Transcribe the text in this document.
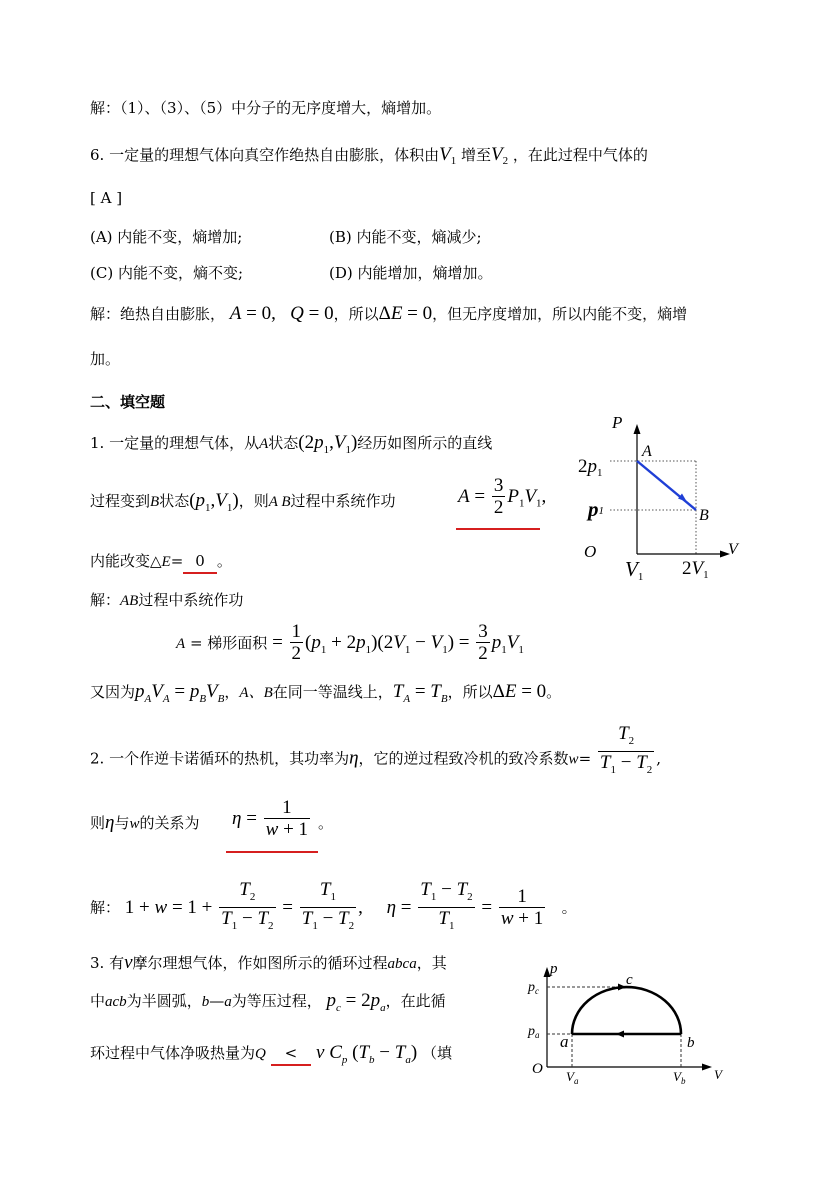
解：（1）、（3）、（5）中分子的无序度增大，熵增加。
6. 一定量的理想气体向真空作绝热自由膨胀，体积由$V_1$ 增至$V_2$ ，在此过程中气体的
[ A ]
(A) 内能不变，熵增加;	(B) 内能不变，熵减少;
(C) 内能不变，熵不变;	(D) 内能增加，熵增加。
解：绝热自由膨胀， A = 0,   Q = 0，所以ΔE = 0，但无序度增加，所以内能不变，熵增
加。
二、填空题
1. 一定量的理想气体，从A状态$(2p_1,V_1)$经历如图所示的直线
过程变到B状态$(p_1,V_1)$，则A B过程中系统作功	$A = \frac{3}{2} P_1V_1$,
内能改变△E= 0 。
解：AB过程中系统作功
A = 梯形面积 = $\frac{1}{2} (p_1 + 2p_1)(2V_1 - V_1) = \frac{3}{2} p_1V_1$
又因为$p_AV_A = p_BV_B$，A、B在同一等温线上，$T_A = T_B$，所以ΔE = 0。
P
A
B
O	V
$2p_1$
p1
V1 $2V_1$
2. 一个作逆卡诺循环的热机，其功率为η，它的逆过程致冷机的致冷系数$w= \frac{T_2}{T_1 - T_2}$ ,
则η与w的关系为 $\eta = \frac{1}{w + 1}$ 。
解： $1 + w = 1 + \frac{T_2}{T_1 - T_2} = \frac{T_1}{T_1 - T_2}$ ,     $\eta = \frac{T_1 - T_2}{T_1} = \frac{1}{w + 1}$ 。
3. 有ν摩尔理想气体，作如图所示的循环过程abca，其
中acb为半圆弧，b—a为等压过程， $p_c = 2p_a$，在此循
环过程中气体净吸热量为Q < ν $C_p$ $(T_b - T_a)$ （填
p
$p_c$
$p_a$
c
a	b
O $V_a$	$V_b$ V
